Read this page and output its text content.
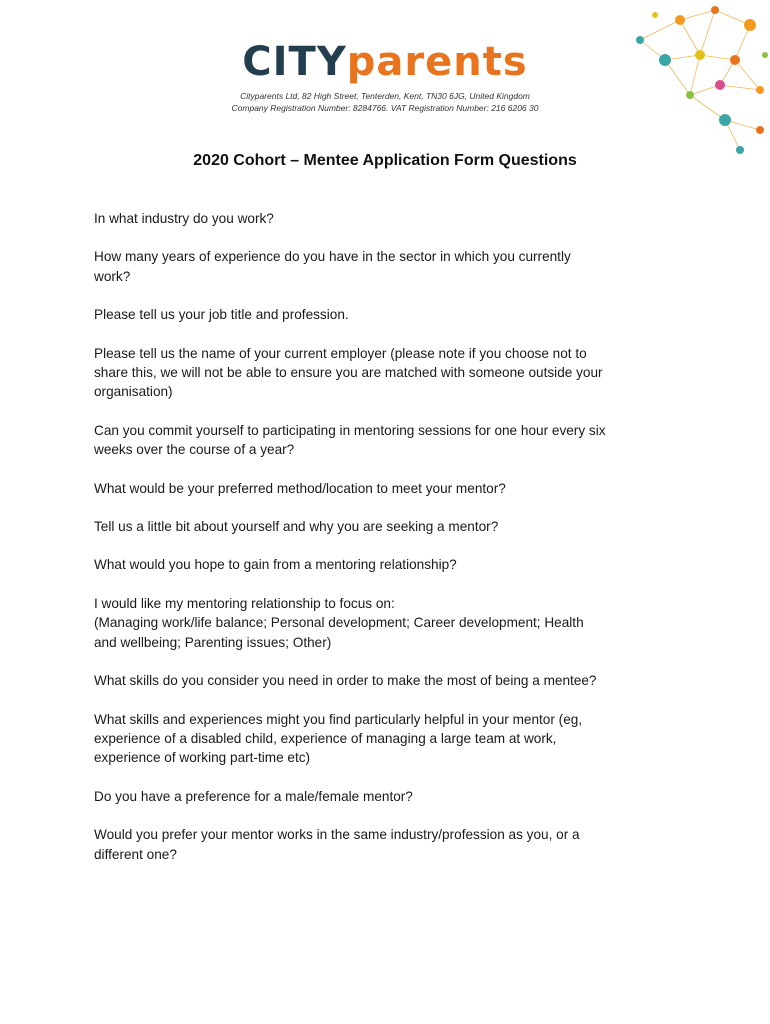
CITYparents
Cityparents Ltd, 82 High Street, Tenterden, Kent, TN30 6JG, United Kingdom
Company Registration Number: 8284766. VAT Registration Number: 216 6206 30
2020 Cohort – Mentee Application Form Questions

In what industry do you work?

How many years of experience do you have in the sector in which you currently
work?

Please tell us your job title and profession.

Please tell us the name of your current employer (please note if you choose not to
share this, we will not be able to ensure you are matched with someone outside your
organisation)

Can you commit yourself to participating in mentoring sessions for one hour every six
weeks over the course of a year?

What would be your preferred method/location to meet your mentor?

Tell us a little bit about yourself and why you are seeking a mentor?

What would you hope to gain from a mentoring relationship?

I would like my mentoring relationship to focus on:
(Managing work/life balance; Personal development; Career development; Health
and wellbeing; Parenting issues; Other)

What skills do you consider you need in order to make the most of being a mentee?

What skills and experiences might you find particularly helpful in your mentor (eg,
experience of a disabled child, experience of managing a large team at work,
experience of working part-time etc)

Do you have a preference for a male/female mentor?

Would you prefer your mentor works in the same industry/profession as you, or a
different one?
